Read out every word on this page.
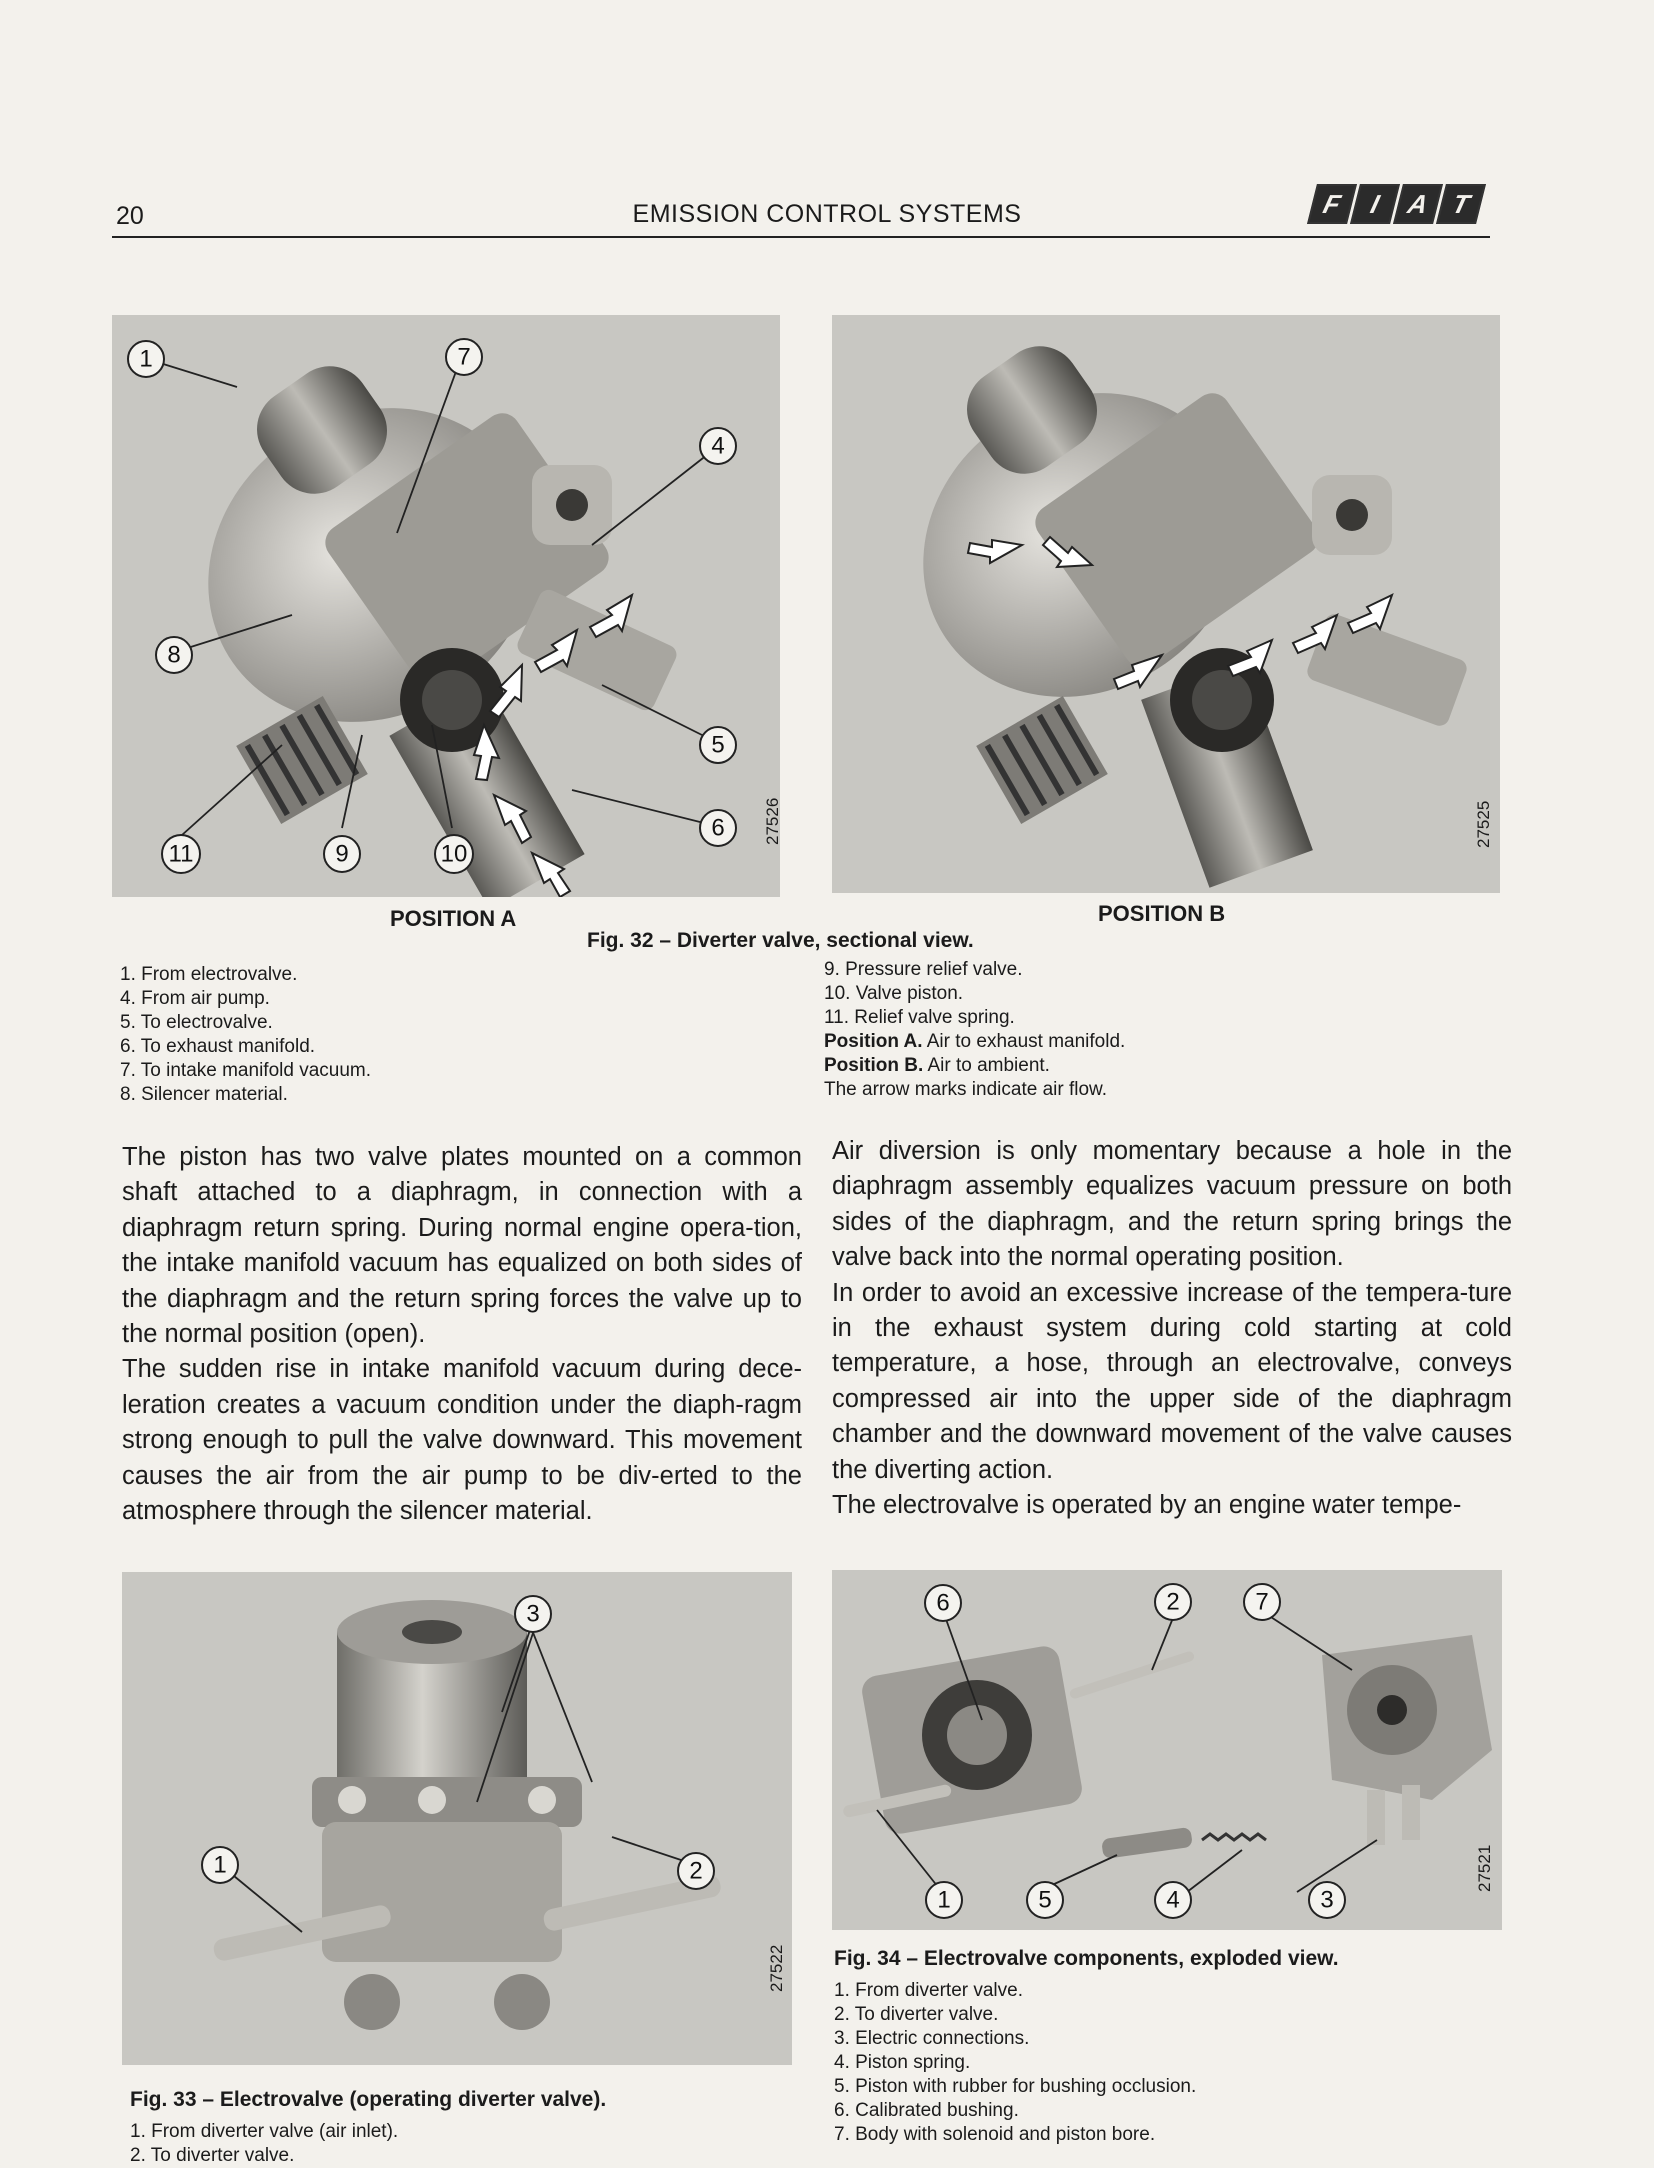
20	EMISSION CONTROL SYSTEMS	F I A T
1	7
4
8
5
6
11	9	10
27526	27525
POSITION A	POSITION B
Fig. 32 – Diverter valve, sectional view.
1. From electrovalve.
4. From air pump.
5. To electrovalve.
6. To exhaust manifold.
7. To intake manifold vacuum.
8. Silencer material.
9. Pressure relief valve.
10. Valve piston.
11. Relief valve spring.
Position A. Air to exhaust manifold.
Position B. Air to ambient.
The arrow marks indicate air flow.

The piston has two valve plates mounted on a common shaft attached to a diaphragm, in connection with a diaphragm return spring. During normal engine opera-tion, the intake manifold vacuum has equalized on both sides of the diaphragm and the return spring forces the valve up to the normal position (open).

The sudden rise in intake manifold vacuum during dece-leration creates a vacuum condition under the diaph-ragm strong enough to pull the valve downward. This movement causes the air from the air pump to be div-erted to the atmosphere through the silencer material.

Air diversion is only momentary because a hole in the diaphragm assembly equalizes vacuum pressure on both sides of the diaphragm, and the return spring brings the valve back into the normal operating position.

In order to avoid an excessive increase of the tempera-ture in the exhaust system during cold starting at cold temperature, a hose, through an electrovalve, conveys compressed air into the upper side of the diaphragm chamber and the downward movement of the valve causes the diverting action.

The electrovalve is operated by an engine water tempe-

3
1	2
27522
Fig. 33 – Electrovalve (operating diverter valve).
1. From diverter valve (air inlet).
2. To diverter valve.
6	2	7
1	5	4	3
27521
Fig. 34 – Electrovalve components, exploded view.
1. From diverter valve.
2. To diverter valve.
3. Electric connections.
4. Piston spring.
5. Piston with rubber for bushing occlusion.
6. Calibrated bushing.
7. Body with solenoid and piston bore.
